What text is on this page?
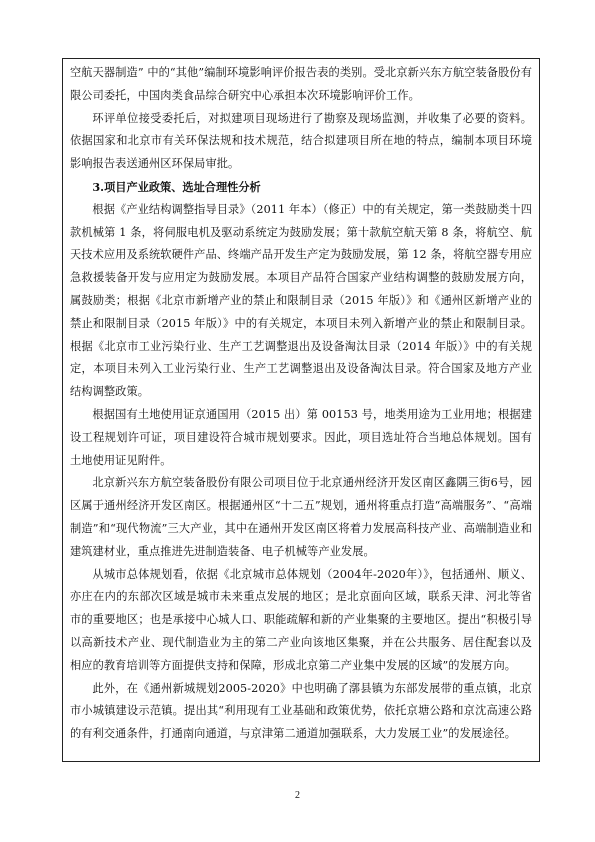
空航天器制造” 中的“其他”编制环境影响评价报告表的类别。受北京新兴东方航空装备股份有限公司委托，中国肉类食品综合研究中心承担本次环境影响评价工作。

环评单位接受委托后，对拟建项目现场进行了勘察及现场监测，并收集了必要的资料。依据国家和北京市有关环保法规和技术规范，结合拟建项目所在地的特点，编制本项目环境影响报告表送通州区环保局审批。

3.项目产业政策、选址合理性分析

根据《产业结构调整指导目录》（2011 年本）（修正）中的有关规定，第一类鼓励类十四款机械第 1 条，将伺服电机及驱动系统定为鼓励发展；第十款航空航天第 8 条，将航空、航天技术应用及系统软硬件产品、终端产品开发生产定为鼓励发展，第 12 条，将航空器专用应急救援装备开发与应用定为鼓励发展。本项目产品符合国家产业结构调整的鼓励发展方向，属鼓励类；根据《北京市新增产业的禁止和限制目录（2015 年版）》和《通州区新增产业的禁止和限制目录（2015 年版）》中的有关规定，本项目未列入新增产业的禁止和限制目录。根据《北京市工业污染行业、生产工艺调整退出及设备淘汰目录（2014 年版）》中的有关规定，本项目未列入工业污染行业、生产工艺调整退出及设备淘汰目录。符合国家及地方产业结构调整政策。

根据国有土地使用证京通国用（2015 出）第 00153 号，地类用途为工业用地；根据建设工程规划许可证，项目建设符合城市规划要求。因此，项目选址符合当地总体规划。国有土地使用证见附件。

北京新兴东方航空装备股份有限公司项目位于北京通州经济开发区南区鑫隅三街6号，园区属于通州经济开发区南区。根据通州区“十二五”规划，通州将重点打造“高端服务”、“高端制造”和“现代物流”三大产业，其中在通州开发区南区将着力发展高科技产业、高端制造业和建筑建材业，重点推进先进制造装备、电子机械等产业发展。

从城市总体规划看，依据《北京城市总体规划（2004年-2020年）》，包括通州、顺义、亦庄在内的东部次区域是城市未来重点发展的地区；是北京面向区域，联系天津、河北等省市的重要地区；也是承接中心城人口、职能疏解和新的产业集聚的主要地区。提出“积极引导以高新技术产业、现代制造业为主的第二产业向该地区集聚，并在公共服务、居住配套以及相应的教育培训等方面提供支持和保障，形成北京第二产业集中发展的区域”的发展方向。

此外，在《通州新城规划2005-2020》中也明确了漷县镇为东部发展带的重点镇，北京市小城镇建设示范镇。提出其“利用现有工业基础和政策优势，依托京塘公路和京沈高速公路的有利交通条件，打通南向通道，与京津第二通道加强联系，大力发展工业”的发展途径。

2
